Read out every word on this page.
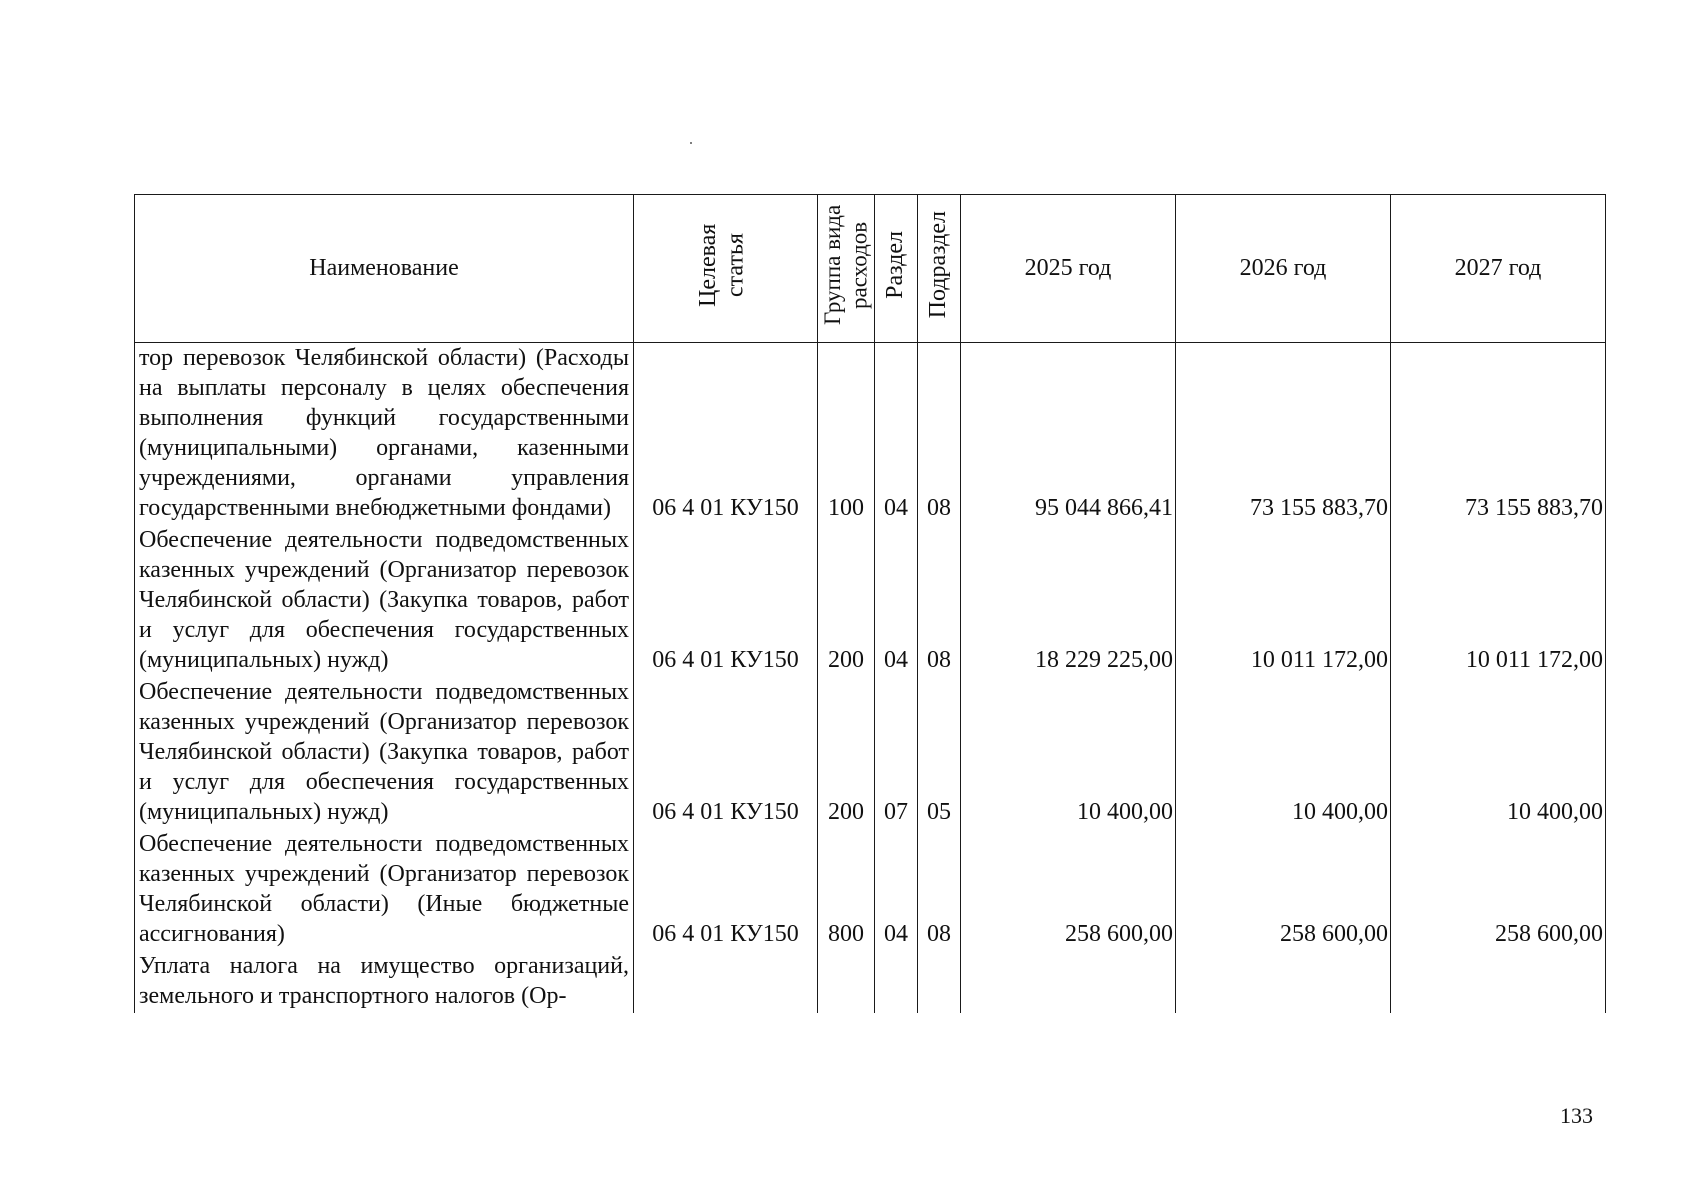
Наименование	Целевая статья	Группа вида расходов	Раздел	Подраздел	2025 год	2026 год	2027 год
тор перевозок Челябинской области) (Расходы на выплаты персоналу в целях обеспечения выполнения функций государственными (муниципальными) органами, казенными учреждениями, органами управления государственными внебюджетными фондами)	06 4 01 КУ150	100	04	08	95 044 866,41	73 155 883,70	73 155 883,70
Обеспечение деятельности подведомственных казенных учреждений (Организатор перевозок Челябинской области) (Закупка товаров, работ и услуг для обеспечения государственных (муниципальных) нужд)	06 4 01 КУ150	200	04	08	18 229 225,00	10 011 172,00	10 011 172,00
Обеспечение деятельности подведомственных казенных учреждений (Организатор перевозок Челябинской области) (Закупка товаров, работ и услуг для обеспечения государственных (муниципальных) нужд)	06 4 01 КУ150	200	07	05	10 400,00	10 400,00	10 400,00
Обеспечение деятельности подведомственных казенных учреждений (Организатор перевозок Челябинской области) (Иные бюджетные ассигнования)	06 4 01 КУ150	800	04	08	258 600,00	258 600,00	258 600,00
Уплата налога на имущество организаций, земельного и транспортного налогов (Ор-							
133
